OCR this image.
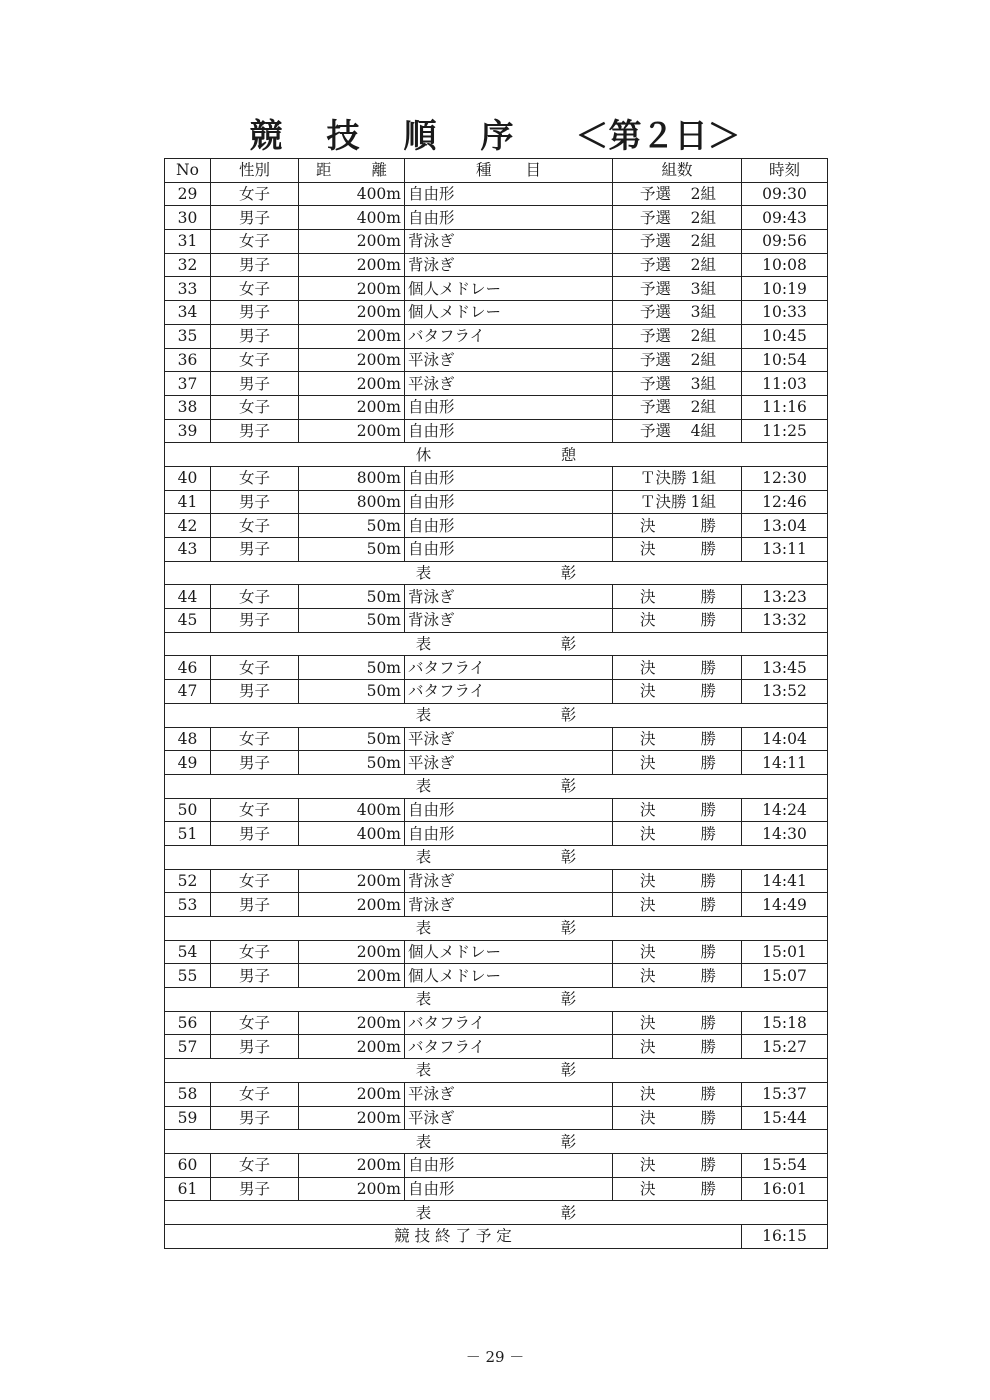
競 技 順 序 ＜第２日＞
No	性別	距 離	種 目	組数	時刻
29	女子	400m	自由形	予選 2組	09:30
30	男子	400m	自由形	予選 2組	09:43
31	女子	200m	背泳ぎ	予選 2組	09:56
32	男子	200m	背泳ぎ	予選 2組	10:08
33	女子	200m	個人メドレー	予選 3組	10:19
34	男子	200m	個人メドレー	予選 3組	10:33
35	男子	200m	バタフライ	予選 2組	10:45
36	女子	200m	平泳ぎ	予選 2組	10:54
37	男子	200m	平泳ぎ	予選 3組	11:03
38	女子	200m	自由形	予選 2組	11:16
39	男子	200m	自由形	予選 4組	11:25
休 憩					
40	女子	800m	自由形	Ｔ決勝 1組	12:30
41	男子	800m	自由形	Ｔ決勝 1組	12:46
42	女子	50m	自由形	決 勝	13:04
43	男子	50m	自由形	決 勝	13:11
表 彰					
44	女子	50m	背泳ぎ	決 勝	13:23
45	男子	50m	背泳ぎ	決 勝	13:32
表 彰					
46	女子	50m	バタフライ	決 勝	13:45
47	男子	50m	バタフライ	決 勝	13:52
表 彰					
48	女子	50m	平泳ぎ	決 勝	14:04
49	男子	50m	平泳ぎ	決 勝	14:11
表 彰					
50	女子	400m	自由形	決 勝	14:24
51	男子	400m	自由形	決 勝	14:30
表 彰					
52	女子	200m	背泳ぎ	決 勝	14:41
53	男子	200m	背泳ぎ	決 勝	14:49
表 彰					
54	女子	200m	個人メドレー	決 勝	15:01
55	男子	200m	個人メドレー	決 勝	15:07
表 彰					
56	女子	200m	バタフライ	決 勝	15:18
57	男子	200m	バタフライ	決 勝	15:27
表 彰					
58	女子	200m	平泳ぎ	決 勝	15:37
59	男子	200m	平泳ぎ	決 勝	15:44
表 彰					
60	女子	200m	自由形	決 勝	15:54
61	男子	200m	自由形	決 勝	16:01
表 彰					
競 技 終 了 予 定					16:15
－ 29 －
